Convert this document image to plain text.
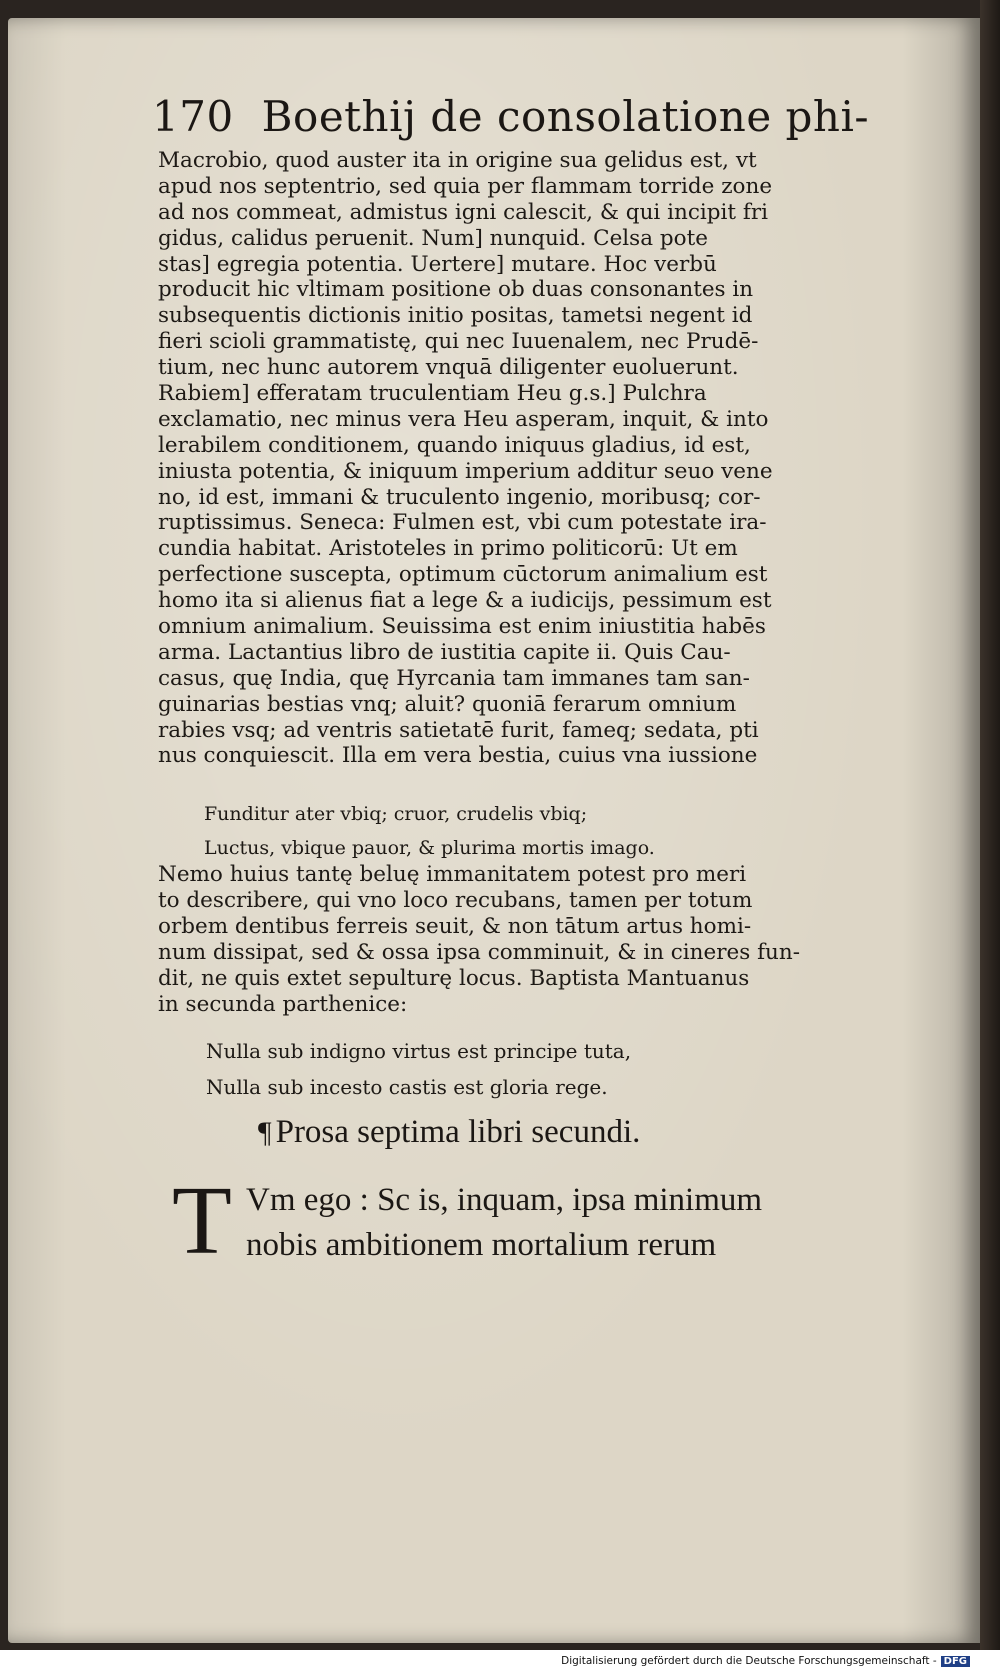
170 Boethij de consolatione phi-
Macrobio, quod auster ita in origine sua gelidus est, vt
apud nos septentrio, sed quia per flammam torride zone
ad nos commeat, admistus igni calescit, & qui incipit fri
gidus, calidus peruenit. Num] nunquid. Celsa pote
stas] egregia potentia. Uertere] mutare. Hoc verbū
producit hic vltimam positione ob duas consonantes in
subsequentis dictionis initio positas, tametsi negent id
fieri scioli grammatistę, qui nec Iuuenalem, nec Prudē-
tium, nec hunc autorem vnquā diligenter euoluerunt.
Rabiem] efferatam truculentiam Heu g.s.] Pulchra
exclamatio, nec minus vera Heu asperam, inquit, & into
lerabilem conditionem, quando iniquus gladius, id est,
iniusta potentia, & iniquum imperium additur seuo vene
no, id est, immani & truculento ingenio, moribusq; cor-
ruptissimus. Seneca: Fulmen est, vbi cum potestate ira-
cundia habitat. Aristoteles in primo politicorū: Ut em
perfectione suscepta, optimum cūctorum animalium est
homo ita si alienus fiat a lege & a iudicijs, pessimum est
omnium animalium. Seuissima est enim iniustitia habēs
arma. Lactantius libro de iustitia capite ii. Quis Cau-
casus, quę India, quę Hyrcania tam immanes tam san-
guinarias bestias vnq; aluit? quoniā ferarum omnium
rabies vsq; ad ventris satietatē furit, fameq; sedata, pti
nus conquiescit. Illa em vera bestia, cuius vna iussione
Funditur ater vbiq; cruor, crudelis vbiq;
Luctus, vbique pauor, & plurima mortis imago.
Nemo huius tantę beluę immanitatem potest pro meri
to describere, qui vno loco recubans, tamen per totum
orbem dentibus ferreis seuit, & non tātum artus homi-
num dissipat, sed & ossa ipsa comminuit, & in cineres fun-
dit, ne quis extet sepulturę locus. Baptista Mantuanus
in secunda parthenice:
Nulla sub indigno virtus est principe tuta,
Nulla sub incesto castis est gloria rege.
¶ Prosa septima libri secundi.
T Vm ego : Sc is, inquam, ipsa minimum
nobis ambitionem mortalium rerum
Digitalisierung gefördert durch die Deutsche Forschungsgemeinschaft - DFG
